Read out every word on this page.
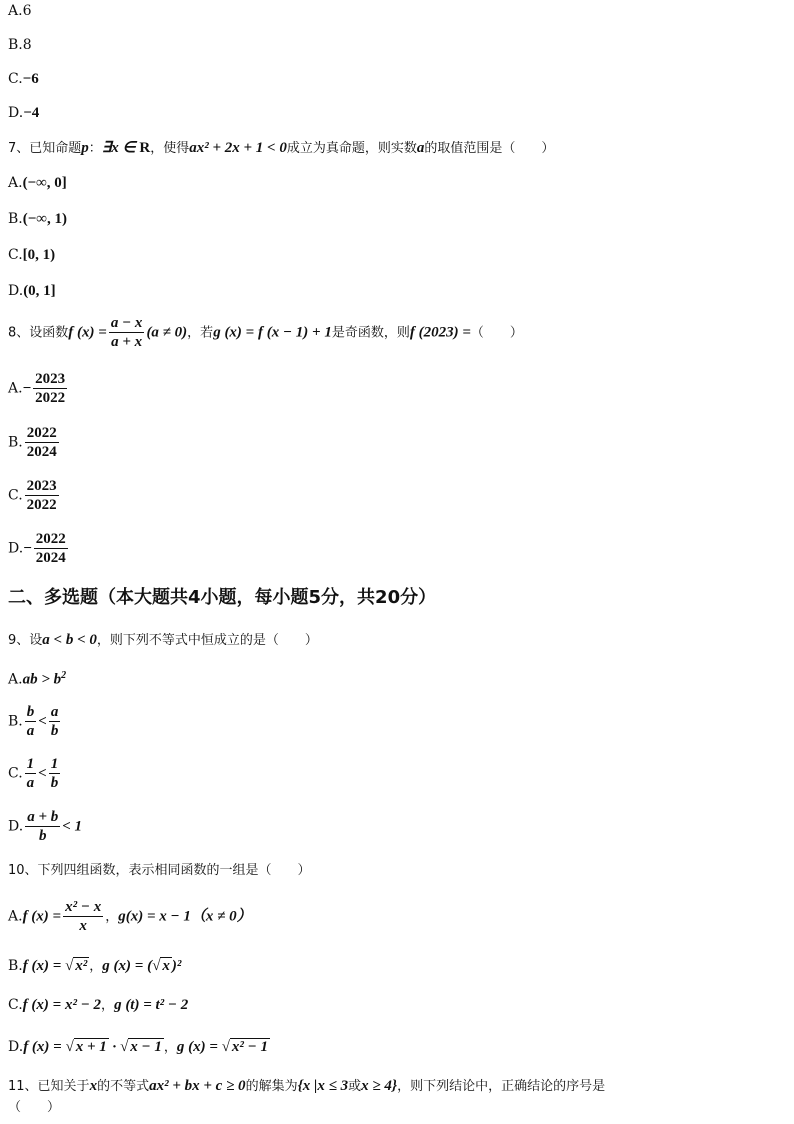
A.6
B.8
C.−6
D.−4
7、已知命题p：∃x ∈ R，使得ax² + 2x + 1 < 0成立为真命题，则实数a的取值范围是（　　）
A.(−∞, 0]
B.(−∞, 1)
C.[0, 1)
D.(0, 1]
8、设函数f $(x) = \frac{a - x}{a + x} (a \ne 0)$，若g (x) = f (x − 1) + 1是奇函数，则f (2023) =（　　）
$A.- \frac{2023}{2022}$
B. $\frac{2022}{2024}$
C. $\frac{2023}{2022}$
$D.- \frac{2022}{2024}$
二、多选题（本大题共4小题，每小题5分，共20分）
9、设a < b < 0，则下列不等式中恒成立的是（　　）
$A.ab > b^2$
B. $\frac{b}{a} < \frac{a}{b}$
C. $\frac{1}{a} < \frac{1}{b}$
D. $\frac{a + b}{b} < 1$
10、下列四组函数，表示相同函数的一组是（　　）
A.f $(x) = \frac{\text{x² − x}}{x}$ ，g(x) = x − 1（x ≠ 0）
B.f (x) = √ x² ，g (x) = (√ x )²
C.f (x) = x² − 2，g (t) = t² − 2
D.f (x) = √ x + 1 · √ x − 1 ，g (x) = √ x² − 1
11、已知关于x的不等式ax² + bx + c ≥ 0的解集为{x |x ≤ 3或x ≥ 4}，则下列结论中，正确结论的序号是
（　　）
